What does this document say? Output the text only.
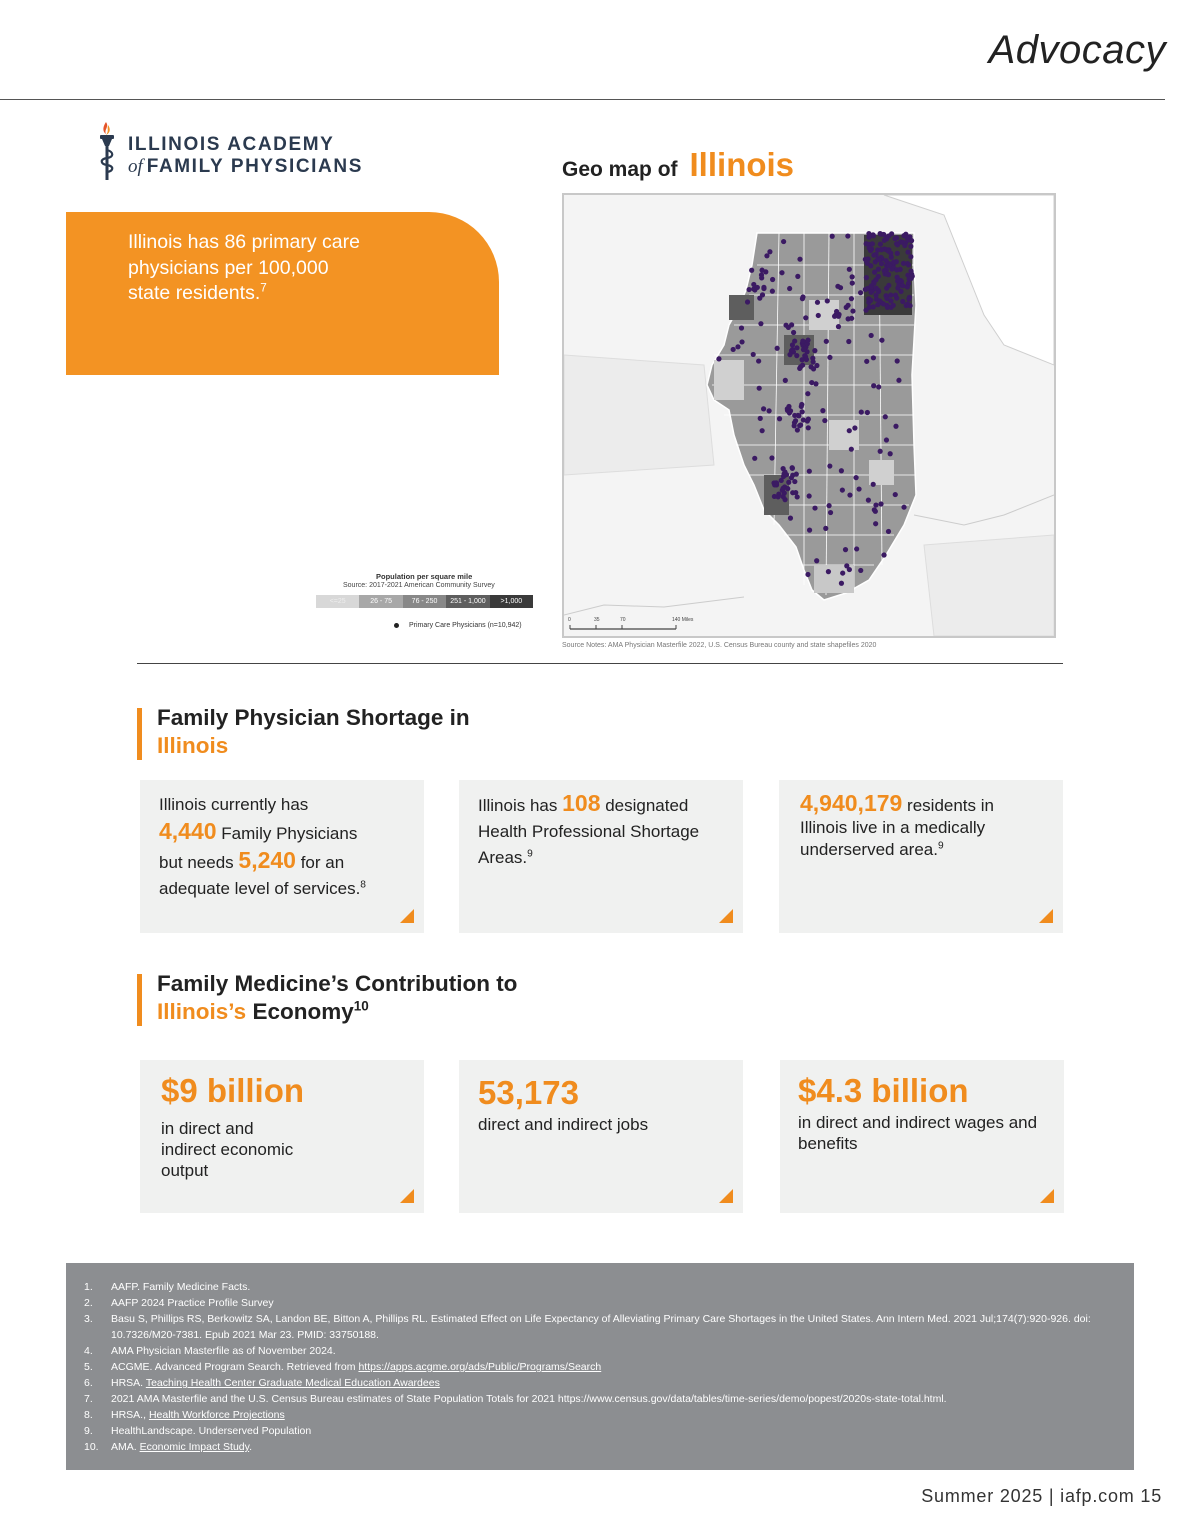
Advocacy
ILLINOIS ACADEMY
of FAMILY PHYSICIANS

Illinois has 86 primary care physicians per 100,000 state residents.$^7$

Geo map of Illinois
0	35	70	140 Miles
Source Notes: AMA Physician Masterfile 2022, U.S. Census Bureau county and state shapefiles 2020
Population per square mile
Source: 2017-2021 American Community Survey
<=25	26 - 75	76 - 250	251 - 1,000	>1,000
Primary Care Physicians (n=10,942)
Family Physician Shortage in
Illinois

Illinois currently has
4,440 Family Physicians
but needs 5,240 for an adequate level of services.$^8$

Illinois has 108 designated Health Professional Shortage Areas.$^9$

4,940,179 residents in Illinois live in a medically underserved area.$^9$

Family Medicine’s Contribution to
Illinois’s Economy$^{10}$
$9 billion

in direct and indirect economic output

53,173

direct and indirect jobs

$4.3 billion

in direct and indirect wages and benefits

1. AAFP. Family Medicine Facts.
2. AAFP 2024 Practice Profile Survey
3. Basu S, Phillips RS, Berkowitz SA, Landon BE, Bitton A, Phillips RL. Estimated Effect on Life Expectancy of Alleviating Primary Care Shortages in the United States. Ann Intern Med. 2021 Jul;174(7):920-926. doi: 10.7326/M20-7381. Epub 2021 Mar 23. PMID: 33750188.
4. AMA Physician Masterfile as of November 2024.
5. ACGME. Advanced Program Search. Retrieved from https://apps.acgme.org/ads/Public/Programs/Search
6. HRSA. Teaching Health Center Graduate Medical Education Awardees
7. 2021 AMA Masterfile and the U.S. Census Bureau estimates of State Population Totals for 2021 https://www.census.gov/data/tables/time-series/demo/popest/2020s-state-total.html.
8. HRSA., Health Workforce Projections
9. HealthLandscape. Underserved Population
10. AMA. Economic Impact Study.
Summer 2025 | iafp.com 15
